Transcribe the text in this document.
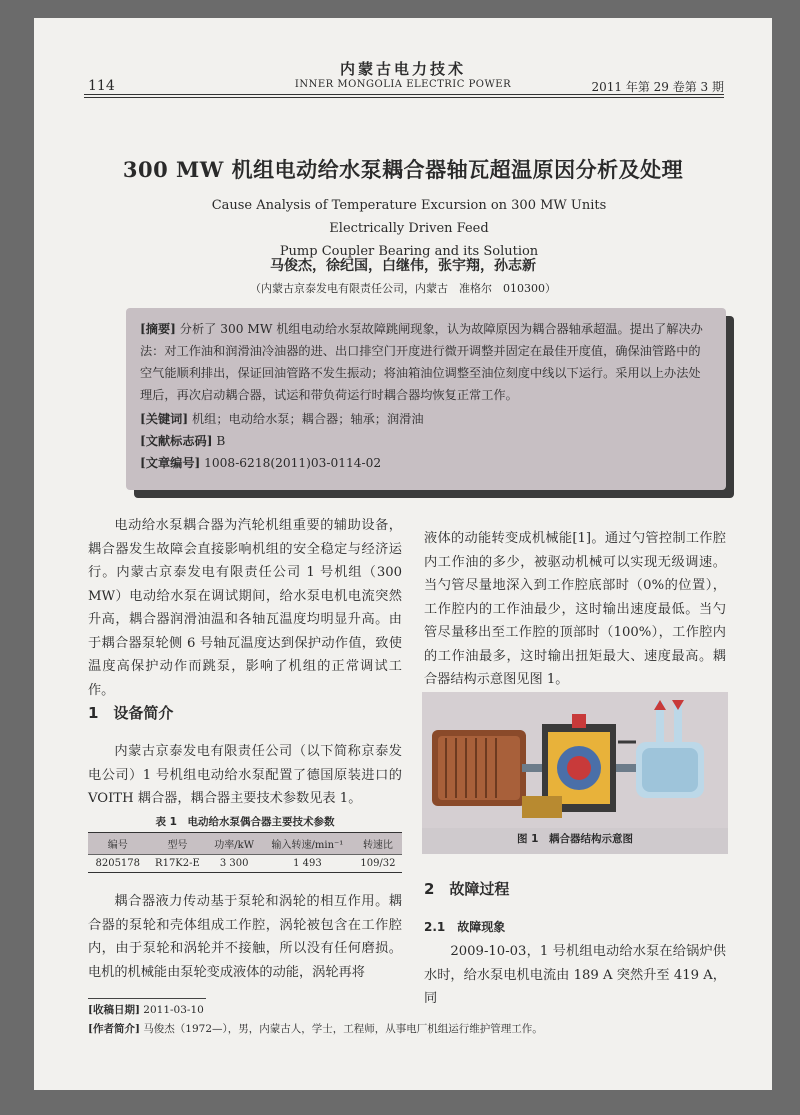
114
内蒙古电力技术
INNER MONGOLIA ELECTRIC POWER	2011 年第 29 卷第 3 期
300 MW 机组电动给水泵耦合器轴瓦超温原因分析及处理
Cause Analysis of Temperature Excursion on 300 MW Units Electrically Driven Feed
Pump Coupler Bearing and its Solution
马俊杰，徐纪国，白继伟，张宇翔，孙志新
（内蒙古京泰发电有限责任公司，内蒙古　准格尔　010300）
[摘要] 分析了 300 MW 机组电动给水泵故障跳闸现象，认为故障原因为耦合器轴承超温。提出了解决办法：对工作油和润滑油冷油器的进、出口排空门开度进行微开调整并固定在最佳开度值，确保油管路中的空气能顺利排出，保证回油管路不发生振动；将油箱油位调整至油位刻度中线以下运行。采用以上办法处理后，再次启动耦合器，试运和带负荷运行时耦合器均恢复正常工作。
[关键词] 机组；电动给水泵；耦合器；轴承；润滑油
[文献标志码] B
[文章编号] 1008-6218(2011)03-0114-02

电动给水泵耦合器为汽轮机组重要的辅助设备，耦合器发生故障会直接影响机组的安全稳定与经济运行。内蒙古京泰发电有限责任公司 1 号机组（300 MW）电动给水泵在调试期间，给水泵电机电流突然升高，耦合器润滑油温和各轴瓦温度均明显升高。由于耦合器泵轮侧 6 号轴瓦温度达到保护动作值，致使温度高保护动作而跳泵，影响了机组的正常调试工作。

1　设备简介

内蒙古京泰发电有限责任公司（以下简称京泰发电公司）1 号机组电动给水泵配置了德国原装进口的 VOITH 耦合器，耦合器主要技术参数见表 1。

表 1　电动给水泵偶合器主要技术参数
编号	型号	功率/kW	输入转速/min⁻¹	转速比
8205178	R17K2-E	3 300	1 493	109/32

耦合器液力传动基于泵轮和涡轮的相互作用。耦合器的泵轮和壳体组成工作腔，涡轮被包含在工作腔内，由于泵轮和涡轮并不接触，所以没有任何磨损。电机的机械能由泵轮变成液体的动能，涡轮再将

液体的动能转变成机械能[1]。通过勺管控制工作腔内工作油的多少，被驱动机械可以实现无级调速。当勺管尽量地深入到工作腔底部时（0%的位置），工作腔内的工作油最少，这时输出速度最低。当勺管尽量移出至工作腔的顶部时（100%），工作腔内的工作油最多，这时输出扭矩最大、速度最高。耦合器结构示意图见图 1。

图 1　耦合器结构示意图
2　故障过程
2.1　故障现象

2009-10-03，1 号机组电动给水泵在给锅炉供水时，给水泵电机电流由 189 A 突然升至 419 A，同

[收稿日期] 2011-03-10
[作者简介] 马俊杰（1972—），男，内蒙古人，学士，工程师，从事电厂机组运行维护管理工作。
